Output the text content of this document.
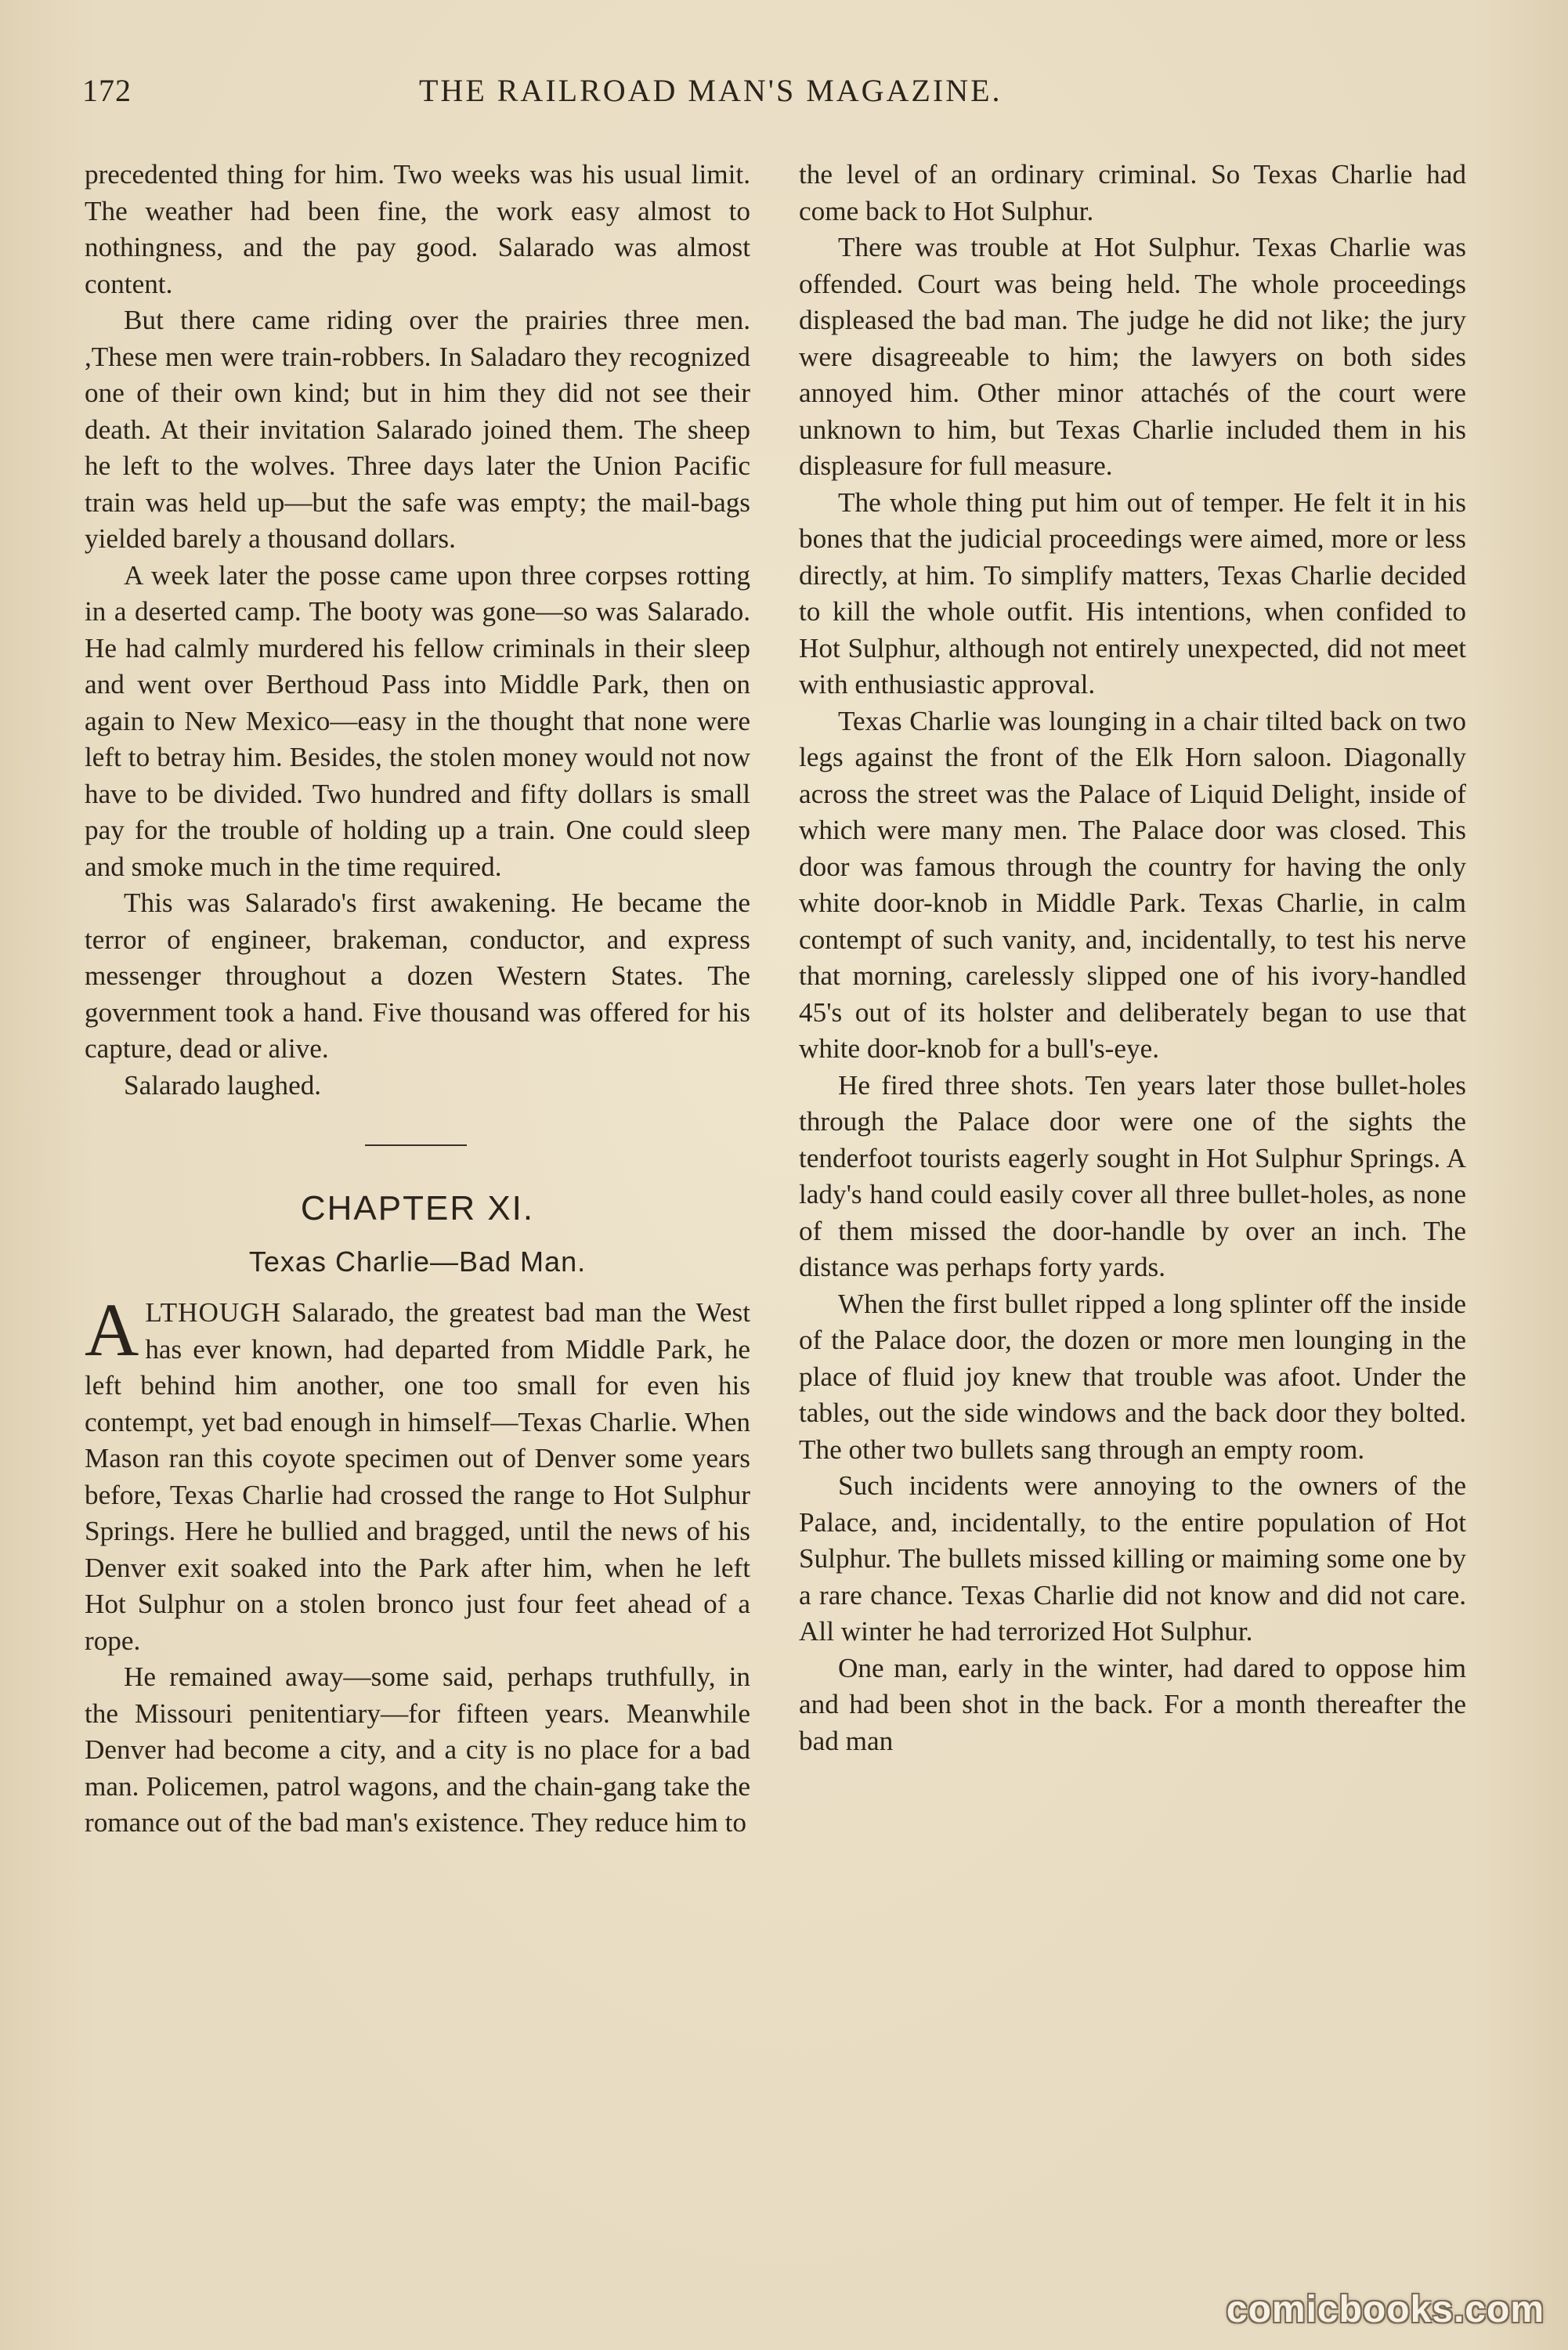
172	THE RAILROAD MAN'S MAGAZINE.

precedented thing for him. Two weeks was his usual limit. The weather had been fine, the work easy almost to nothingness, and the pay good. Salarado was almost content.

But there came riding over the prairies three men. ,These men were train-robbers. In Saladaro they recognized one of their own kind; but in him they did not see their death. At their invitation Salarado joined them. The sheep he left to the wolves. Three days later the Union Pacific train was held up—but the safe was empty; the mail-bags yielded barely a thousand dollars.

A week later the posse came upon three corpses rotting in a deserted camp. The booty was gone—so was Salarado. He had calmly murdered his fellow criminals in their sleep and went over Berthoud Pass into Middle Park, then on again to New Mexico—easy in the thought that none were left to betray him. Besides, the stolen money would not now have to be divided. Two hundred and fifty dollars is small pay for the trouble of holding up a train. One could sleep and smoke much in the time required.

This was Salarado's first awakening. He became the terror of engineer, brakeman, conductor, and express messenger throughout a dozen Western States. The government took a hand. Five thousand was offered for his capture, dead or alive.

Salarado laughed.

CHAPTER XI.
Texas Charlie—Bad Man.

ALTHOUGH Salarado, the greatest bad man the West has ever known, had departed from Middle Park, he left behind him another, one too small for even his contempt, yet bad enough in himself—Texas Charlie. When Mason ran this coyote specimen out of Denver some years before, Texas Charlie had crossed the range to Hot Sulphur Springs. Here he bullied and bragged, until the news of his Denver exit soaked into the Park after him, when he left Hot Sulphur on a stolen bronco just four feet ahead of a rope.

He remained away—some said, perhaps truthfully, in the Missouri penitentiary—for fifteen years. Meanwhile Denver had become a city, and a city is no place for a bad man. Policemen, patrol wagons, and the chain-gang take the romance out of the bad man's existence. They reduce him to

the level of an ordinary criminal. So Texas Charlie had come back to Hot Sulphur.

There was trouble at Hot Sulphur. Texas Charlie was offended. Court was being held. The whole proceedings displeased the bad man. The judge he did not like; the jury were disagreeable to him; the lawyers on both sides annoyed him. Other minor attachés of the court were unknown to him, but Texas Charlie included them in his displeasure for full measure.

The whole thing put him out of temper. He felt it in his bones that the judicial proceedings were aimed, more or less directly, at him. To simplify matters, Texas Charlie decided to kill the whole outfit. His intentions, when confided to Hot Sulphur, although not entirely unexpected, did not meet with enthusiastic approval.

Texas Charlie was lounging in a chair tilted back on two legs against the front of the Elk Horn saloon. Diagonally across the street was the Palace of Liquid Delight, inside of which were many men. The Palace door was closed. This door was famous through the country for having the only white door-knob in Middle Park. Texas Charlie, in calm contempt of such vanity, and, incidentally, to test his nerve that morning, carelessly slipped one of his ivory-handled 45's out of its holster and deliberately began to use that white door-knob for a bull's-eye.

He fired three shots. Ten years later those bullet-holes through the Palace door were one of the sights the tenderfoot tourists eagerly sought in Hot Sulphur Springs. A lady's hand could easily cover all three bullet-holes, as none of them missed the door-handle by over an inch. The distance was perhaps forty yards.

When the first bullet ripped a long splinter off the inside of the Palace door, the dozen or more men lounging in the place of fluid joy knew that trouble was afoot. Under the tables, out the side windows and the back door they bolted. The other two bullets sang through an empty room.

Such incidents were annoying to the owners of the Palace, and, incidentally, to the entire population of Hot Sulphur. The bullets missed killing or maiming some one by a rare chance. Texas Charlie did not know and did not care. All winter he had terrorized Hot Sulphur.

One man, early in the winter, had dared to oppose him and had been shot in the back. For a month thereafter the bad man

comicbooks.com
